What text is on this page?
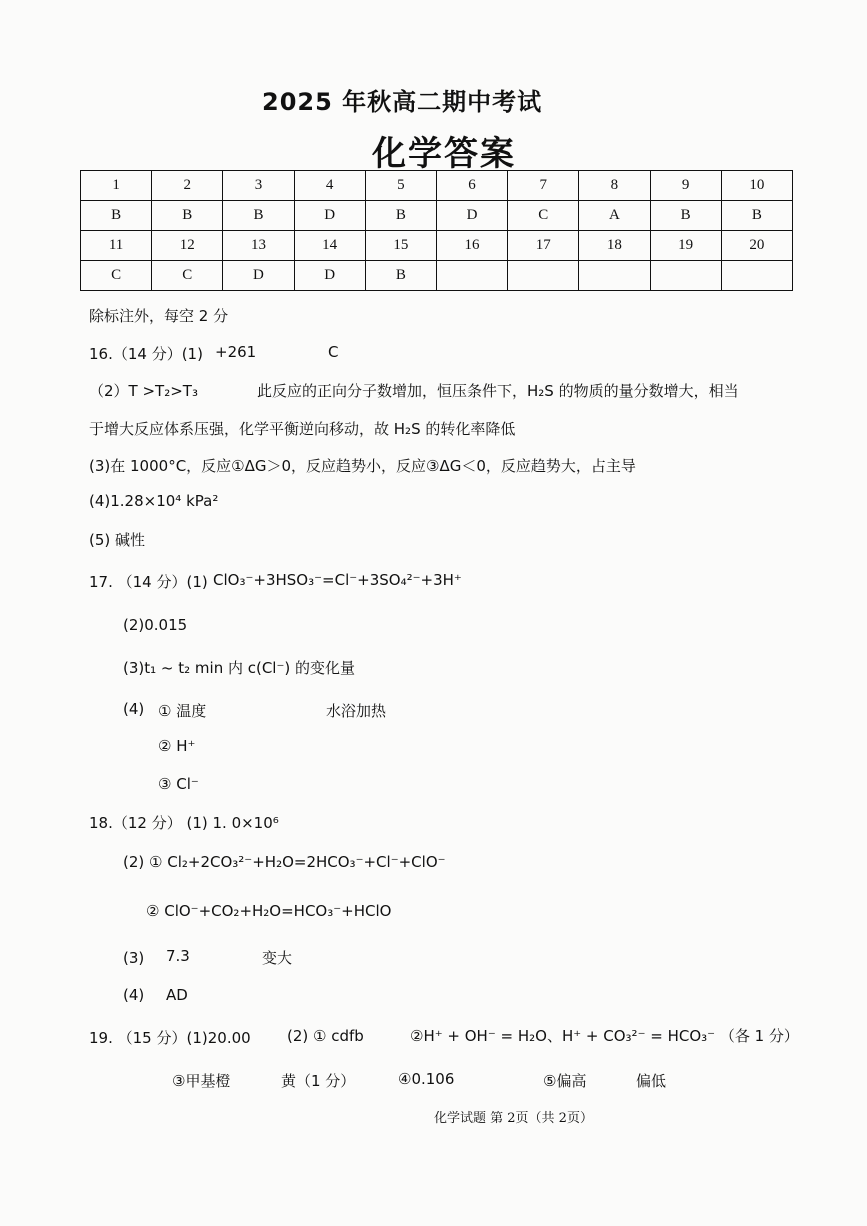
2025 年秋高二期中考试
化学答案
1	2	3	4	5	6	7	8	9	10
B	B	B	D	B	D	C	A	B	B
11	12	13	14	15	16	17	18	19	20
C	C	D	D	B					
除标注外，每空 2 分
16.（14 分）(1) +261	C
（2）T >T₂>T₃	此反应的正向分子数增加，恒压条件下，H₂S 的物质的量分数增大，相当
于增大反应体系压强，化学平衡逆向移动，故 H₂S 的转化率降低
(3)在 1000°C，反应①ΔG＞0，反应趋势小，反应③ΔG＜0，反应趋势大，占主导
(4)1.28×10⁴ kPa²
(5) 碱性
17. （14 分）(1) ClO₃⁻+3HSO₃⁻=Cl⁻+3SO₄²⁻+3H⁺
(2)0.015
(3)t₁ ~ t₂ min 内 c(Cl⁻) 的变化量
(4) ① 温度	水浴加热
② H⁺
③ Cl⁻
18.（12 分） (1) 1. 0×10⁶
(2) ① Cl₂+2CO₃²⁻+H₂O=2HCO₃⁻+Cl⁻+ClO⁻
② ClO⁻+CO₂+H₂O=HCO₃⁻+HClO
(3) 7.3	变大
(4) AD
19. （15 分）(1)20.00 (2) ① cdfb	②H⁺ + OH⁻ = H₂O、H⁺ + CO₃²⁻ = HCO₃⁻ （各 1 分）
③甲基橙	黄（1 分）	④0.106	⑤偏高	偏低
化学试题 第 2页（共 2页）
